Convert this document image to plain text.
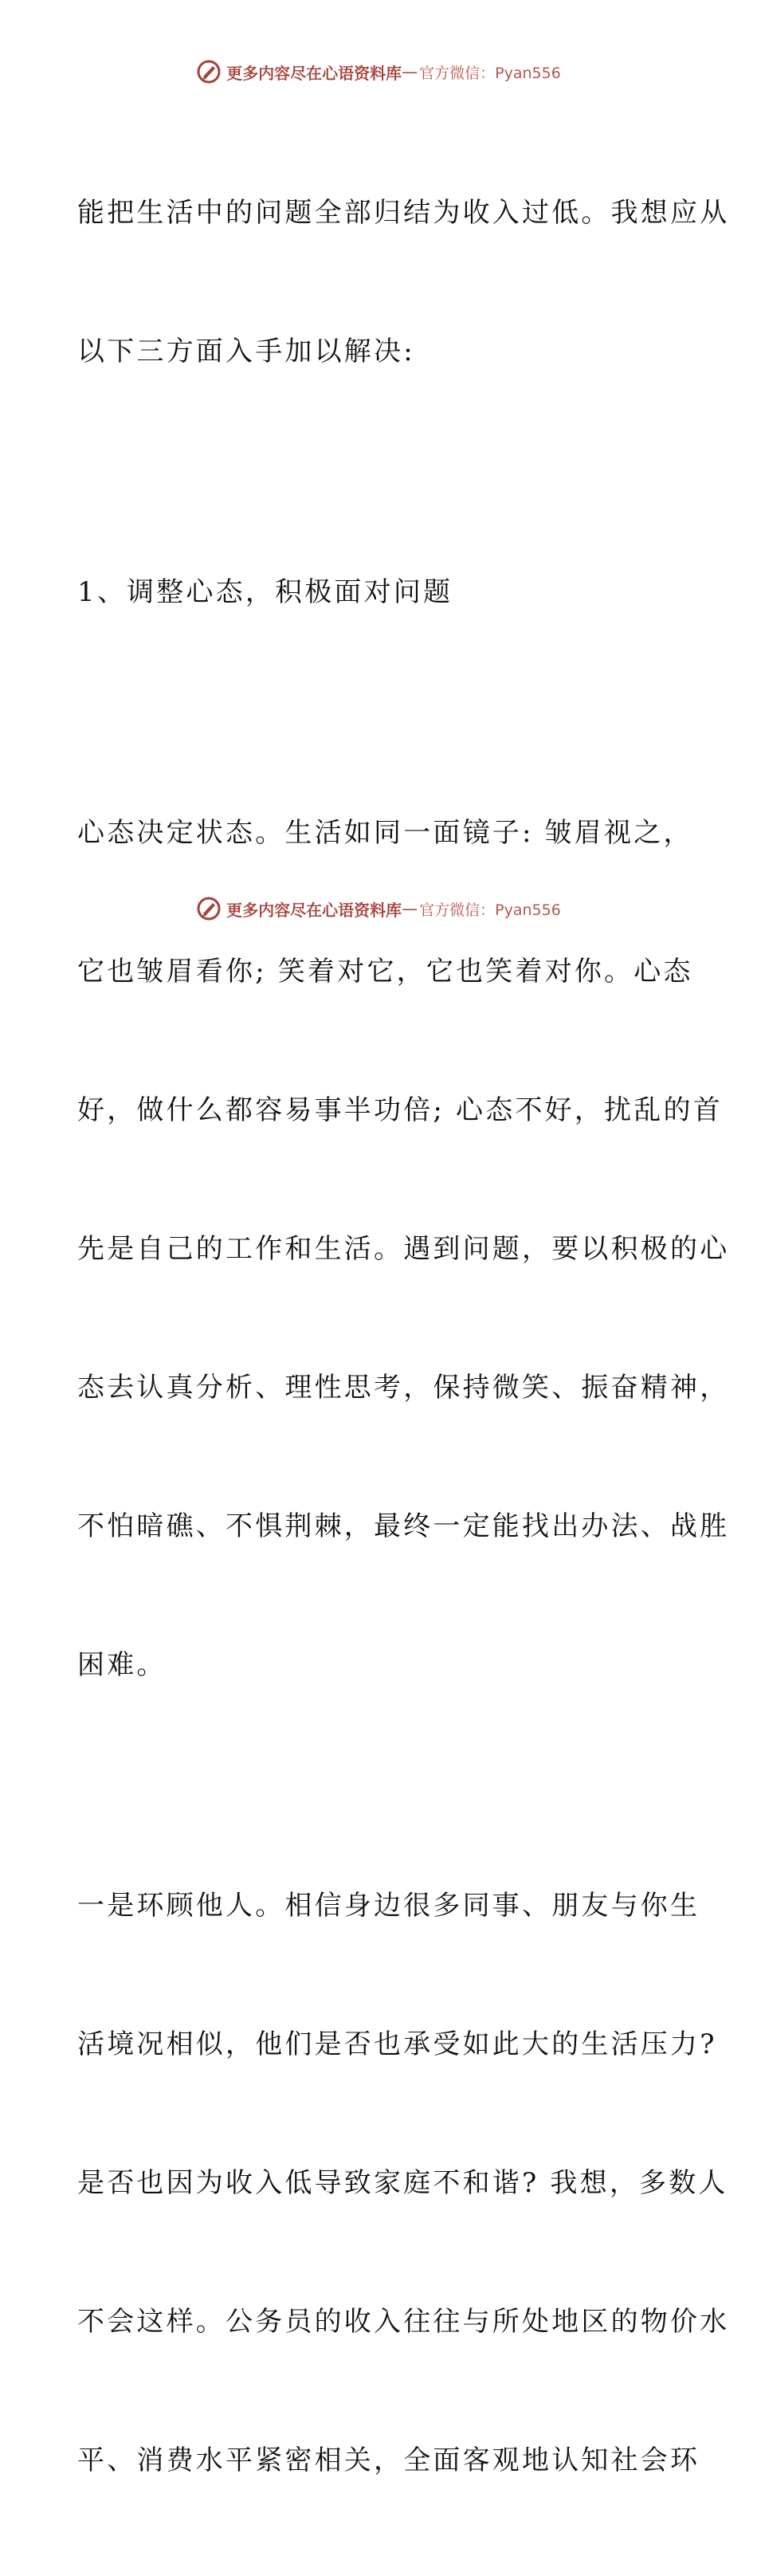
更多内容尽在心语资料库 — 官方微信：Pyan556

能把生活中的问题全部归结为收入过低。我想应从

以下三方面入手加以解决:

1、调整心态，积极面对问题

心态决定状态。生活如同一面镜子: 皱眉视之，

它也皱眉看你; 笑着对它，它也笑着对你。心态

好，做什么都容易事半功倍; 心态不好，扰乱的首

先是自己的工作和生活。遇到问题，要以积极的心

态去认真分析、理性思考，保持微笑、振奋精神，

不怕暗礁、不惧荆棘，最终一定能找出办法、战胜

困难。

一是环顾他人。相信身边很多同事、朋友与你生

活境况相似，他们是否也承受如此大的生活压力?

是否也因为收入低导致家庭不和谐? 我想，多数人

不会这样。公务员的收入往往与所处地区的物价水

平、消费水平紧密相关，全面客观地认知社会环

更多内容尽在心语资料库 — 官方微信：Pyan556
